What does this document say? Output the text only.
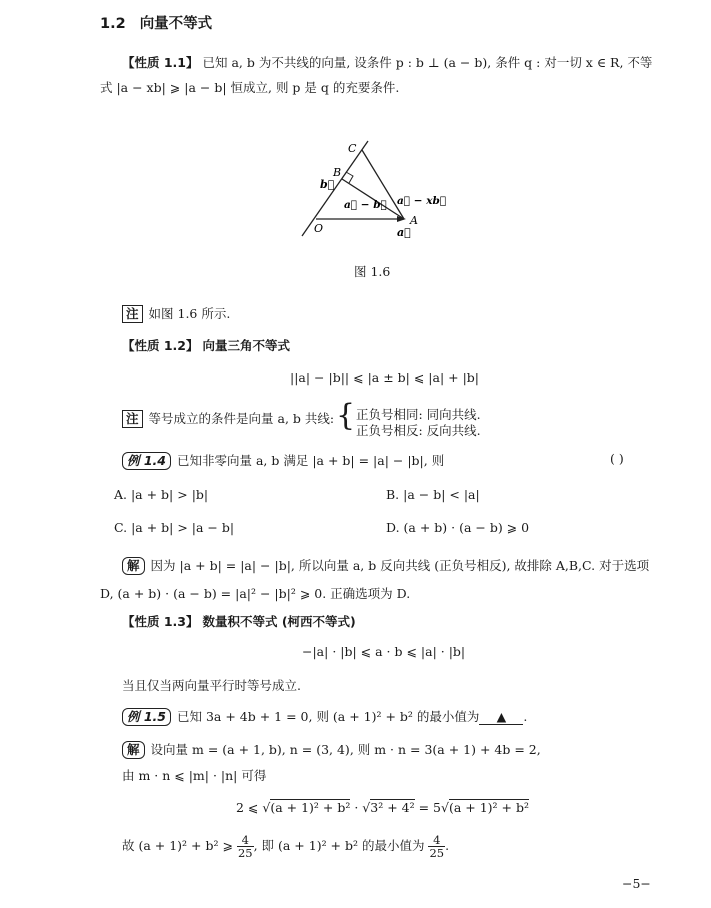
1.2 向量不等式
【性质 1.1】 已知 a, b 为不共线的向量, 设条件 p : b ⊥ (a − b), 条件 q : 对一切 x ∈ R, 不等
式 |a − xb| ⩾ |a − b| 恒成立, 则 p 是 q 的充要条件.
C
B
O
A
b⃗
a⃗
a⃗ − b⃗ a⃗ − xb⃗
图 1.6
注 如图 1.6 所示.
【性质 1.2】 向量三角不等式
||a| − |b|| ⩽ |a ± b| ⩽ |a| + |b|
注 等号成立的条件是向量 a, b 共线: { 正负号相同: 同向共线.
正负号相反: 反向共线.
例 1.4 已知非零向量 a, b 满足 |a + b| = |a| − |b|, 则	( )
A. |a + b| > |b|	B. |a − b| < |a|
C. |a + b| > |a − b|	D. (a + b) · (a − b) ⩾ 0
解 因为 |a + b| = |a| − |b|, 所以向量 a, b 反向共线 (正负号相反), 故排除 A,B,C. 对于选项
D, (a + b) · (a − b) = |a|² − |b|² ⩾ 0. 正确选项为 D.
【性质 1.3】 数量积不等式 (柯西不等式)
−|a| · |b| ⩽ a · b ⩽ |a| · |b|
当且仅当两向量平行时等号成立.
例 1.5 已知 3a + 4b + 1 = 0, 则 (a + 1)² + b² 的最小值为 ▲ .
解 设向量 m = (a + 1, b), n = (3, 4), 则 m · n = 3(a + 1) + 4b = 2,
由 m · n ⩽ |m| · |n| 可得
2 ⩽ √(a + 1)² + b² · √3² + 4² = 5√(a + 1)² + b²
故 (a + 1)² + b² ⩾ $\frac{4}{25}$ , 即 (a + 1)² + b² 的最小值为 $\frac{4}{25}$ .
−5−
